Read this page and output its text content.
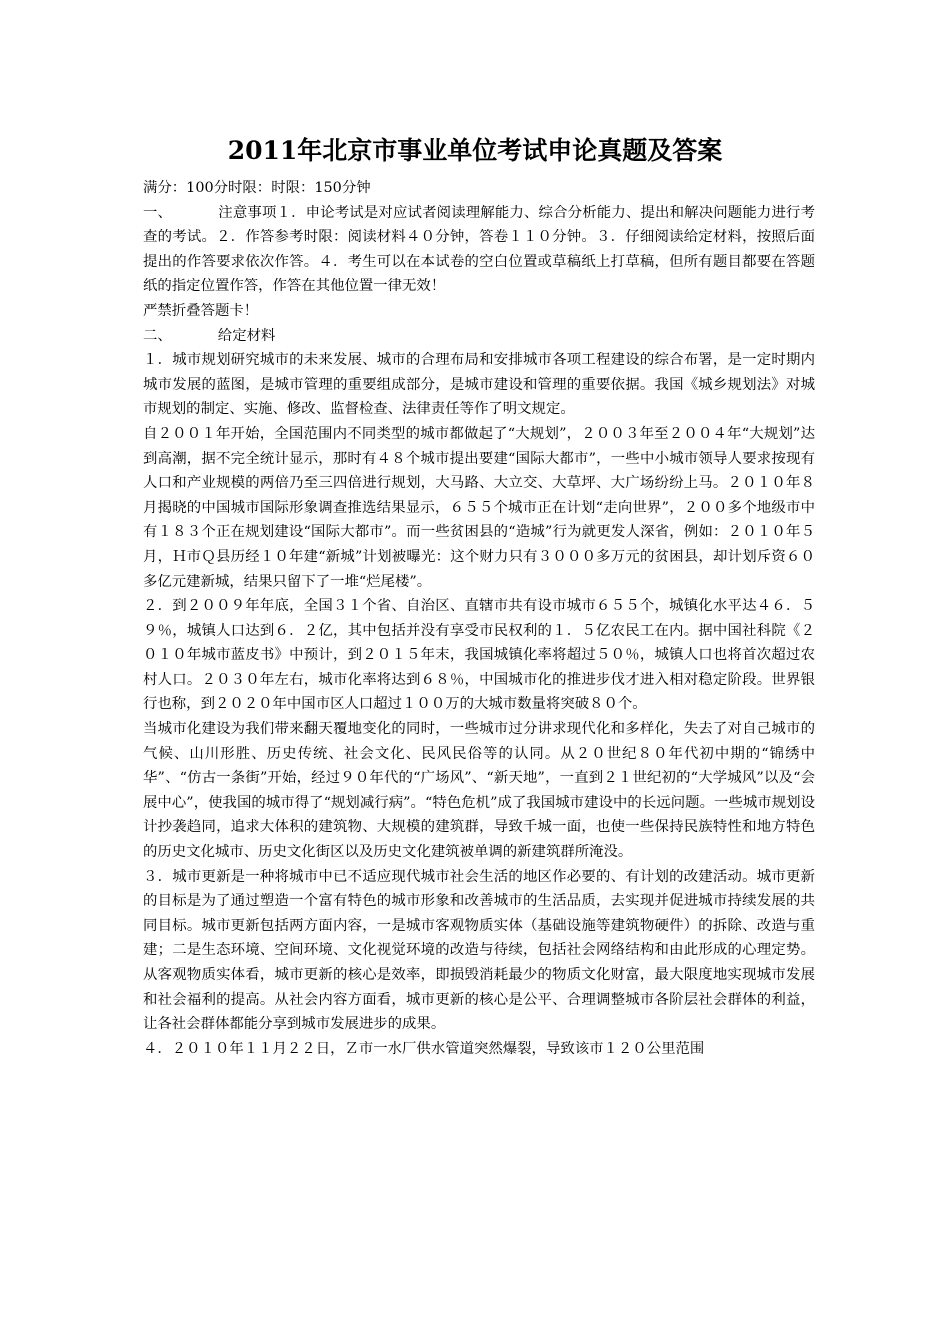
2011年北京市事业单位考试申论真题及答案

满分：100分时限：时限：150分钟

一、	注意事项１．申论考试是对应试者阅读理解能力、综合分析能力、提出和解决问题能力进行考查的考试。２．作答参考时限：阅读材料４０分钟，答卷１１０分钟。３．仔细阅读给定材料，按照后面提出的作答要求依次作答。４．考生可以在本试卷的空白位置或草稿纸上打草稿，但所有题目都要在答题纸的指定位置作答，作答在其他位置一律无效！

严禁折叠答题卡！

二、	给定材料

１．城市规划研究城市的未来发展、城市的合理布局和安排城市各项工程建设的综合布署，是一定时期内城市发展的蓝图，是城市管理的重要组成部分，是城市建设和管理的重要依据。我国《城乡规划法》对城市规划的制定、实施、修改、监督检查、法律责任等作了明文规定。

自２００１年开始，全国范围内不同类型的城市都做起了“大规划”，２００３年至２００４年“大规划”达到高潮，据不完全统计显示，那时有４８个城市提出要建“国际大都市”，一些中小城市领导人要求按现有人口和产业规模的两倍乃至三四倍进行规划，大马路、大立交、大草坪、大广场纷纷上马。２０１０年８月揭晓的中国城市国际形象调查推选结果显示，６５５个城市正在计划“走向世界”，２００多个地级市中有１８３个正在规划建设“国际大都市”。而一些贫困县的“造城”行为就更发人深省，例如：２０１０年５月，Ｈ市Ｑ县历经１０年建“新城”计划被曝光：这个财力只有３０００多万元的贫困县，却计划斥资６０多亿元建新城，结果只留下了一堆“烂尾楼”。

２．到２００９年年底，全国３１个省、自治区、直辖市共有设市城市６５５个，城镇化水平达４６．５９％，城镇人口达到６．２亿，其中包括并没有享受市民权利的１．５亿农民工在内。据中国社科院《２０１０年城市蓝皮书》中预计，到２０１５年末，我国城镇化率将超过５０％，城镇人口也将首次超过农村人口。２０３０年左右，城市化率将达到６８％，中国城市化的推进步伐才进入相对稳定阶段。世界银行也称，到２０２０年中国市区人口超过１００万的大城市数量将突破８０个。

当城市化建设为我们带来翻天覆地变化的同时，一些城市过分讲求现代化和多样化，失去了对自己城市的气候、山川形胜、历史传统、社会文化、民风民俗等的认同。从２０世纪８０年代初中期的“锦绣中华”、“仿古一条街”开始，经过９０年代的“广场风”、“新天地”，一直到２１世纪初的“大学城风”以及“会展中心”，使我国的城市得了“规划减行病”。“特色危机”成了我国城市建设中的长远问题。一些城市规划设计抄袭趋同，追求大体积的建筑物、大规模的建筑群，导致千城一面，也使一些保持民族特性和地方特色的历史文化城市、历史文化街区以及历史文化建筑被单调的新建筑群所淹没。

３．城市更新是一种将城市中已不适应现代城市社会生活的地区作必要的、有计划的改建活动。城市更新的目标是为了通过塑造一个富有特色的城市形象和改善城市的生活品质，去实现并促进城市持续发展的共同目标。城市更新包括两方面内容，一是城市客观物质实体（基础设施等建筑物硬件）的拆除、改造与重建；二是生态环境、空间环境、文化视觉环境的改造与待续，包括社会网络结构和由此形成的心理定势。从客观物质实体看，城市更新的核心是效率，即损毁消耗最少的物质文化财富，最大限度地实现城市发展和社会福利的提高。从社会内容方面看，城市更新的核心是公平、合理调整城市各阶层社会群体的利益，让各社会群体都能分享到城市发展进步的成果。

４．２０１０年１１月２２日，Ｚ市一水厂供水管道突然爆裂，导致该市１２０公里范围
